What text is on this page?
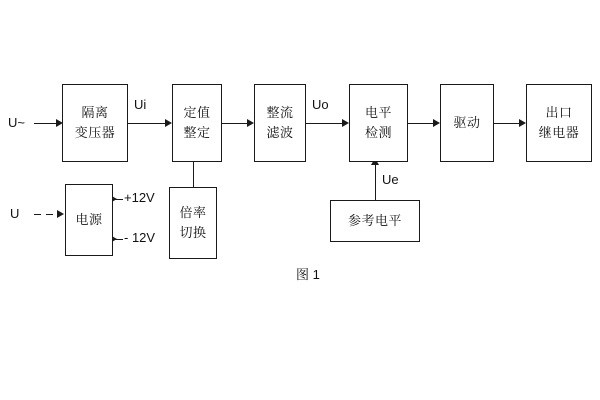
U~
U
Ui	Uo
Ue
+12V
- 12V
隔离
变压器
定值
整定
整流
滤波
电平
检测
驱动
出口
继电器
电源	倍率
切换
参考电平
图 1
